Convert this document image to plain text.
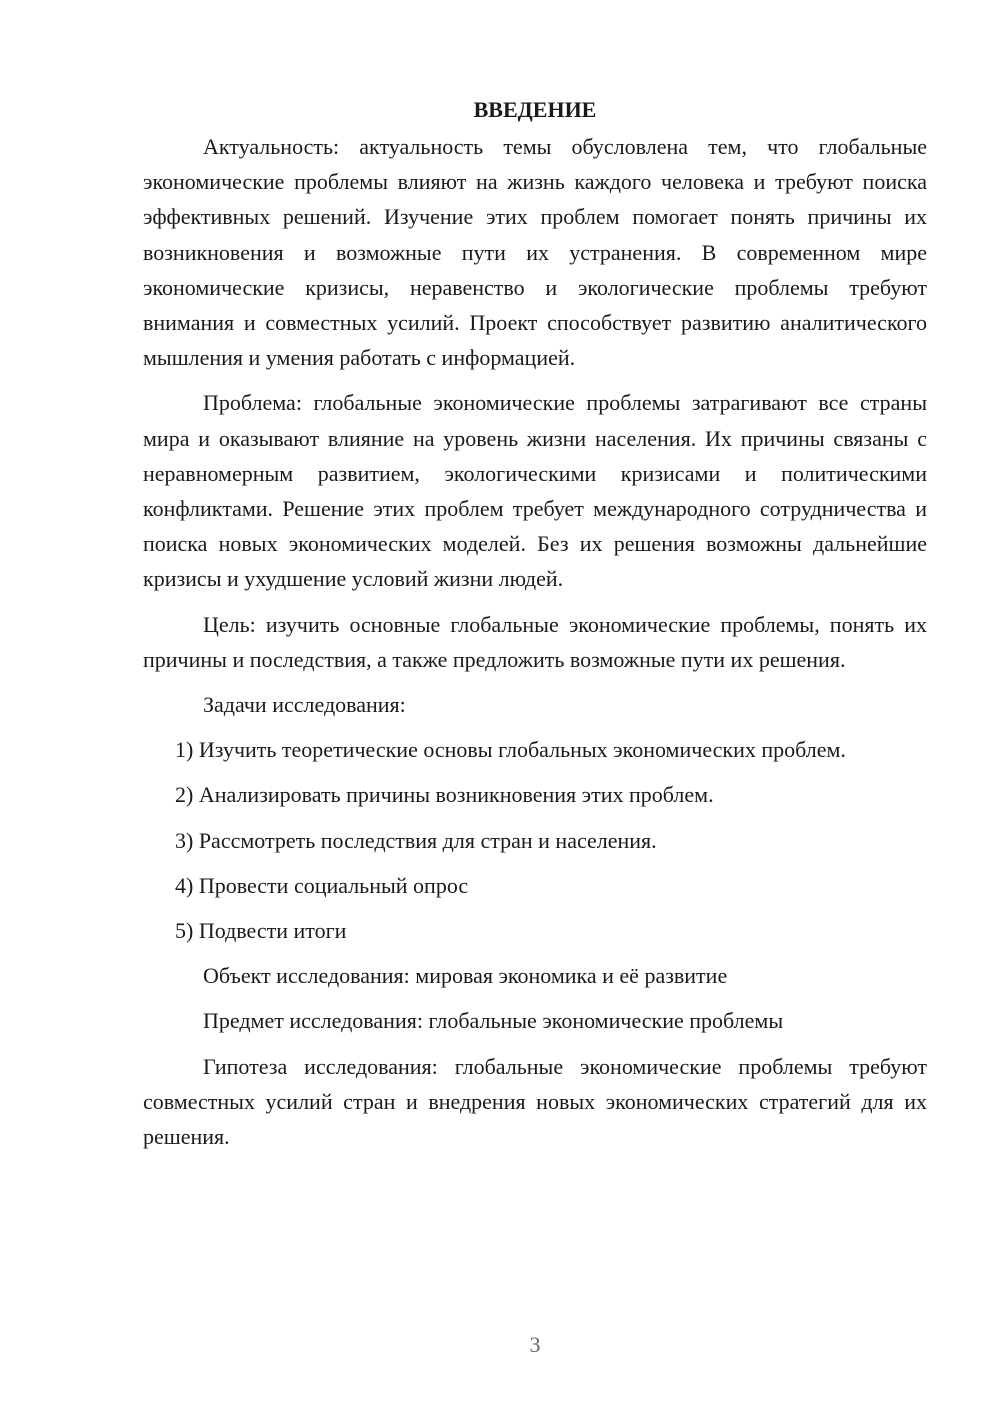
ВВЕДЕНИЕ

Актуальность: актуальность темы обусловлена тем, что глобальные экономические проблемы влияют на жизнь каждого человека и требуют поиска эффективных решений. Изучение этих проблем помогает понять причины их возникновения и возможные пути их устранения. В современном мире экономические кризисы, неравенство и экологические проблемы требуют внимания и совместных усилий. Проект способствует развитию аналитического мышления и умения работать с информацией.

Проблема: глобальные экономические проблемы затрагивают все страны мира и оказывают влияние на уровень жизни населения. Их причины связаны с неравномерным развитием, экологическими кризисами и политическими конфликтами. Решение этих проблем требует международного сотрудничества и поиска новых экономических моделей. Без их решения возможны дальнейшие кризисы и ухудшение условий жизни людей.

Цель: изучить основные глобальные экономические проблемы, понять их причины и последствия, а также предложить возможные пути их решения.

Задачи исследования:

1) Изучить теоретические основы глобальных экономических проблем.

2) Анализировать причины возникновения этих проблем.

3) Рассмотреть последствия для стран и населения.

4) Провести социальный опрос

5) Подвести итоги

Объект исследования: мировая экономика и её развитие

Предмет исследования: глобальные экономические проблемы

Гипотеза исследования: глобальные экономические проблемы требуют совместных усилий стран и внедрения новых экономических стратегий для их решения.

3
